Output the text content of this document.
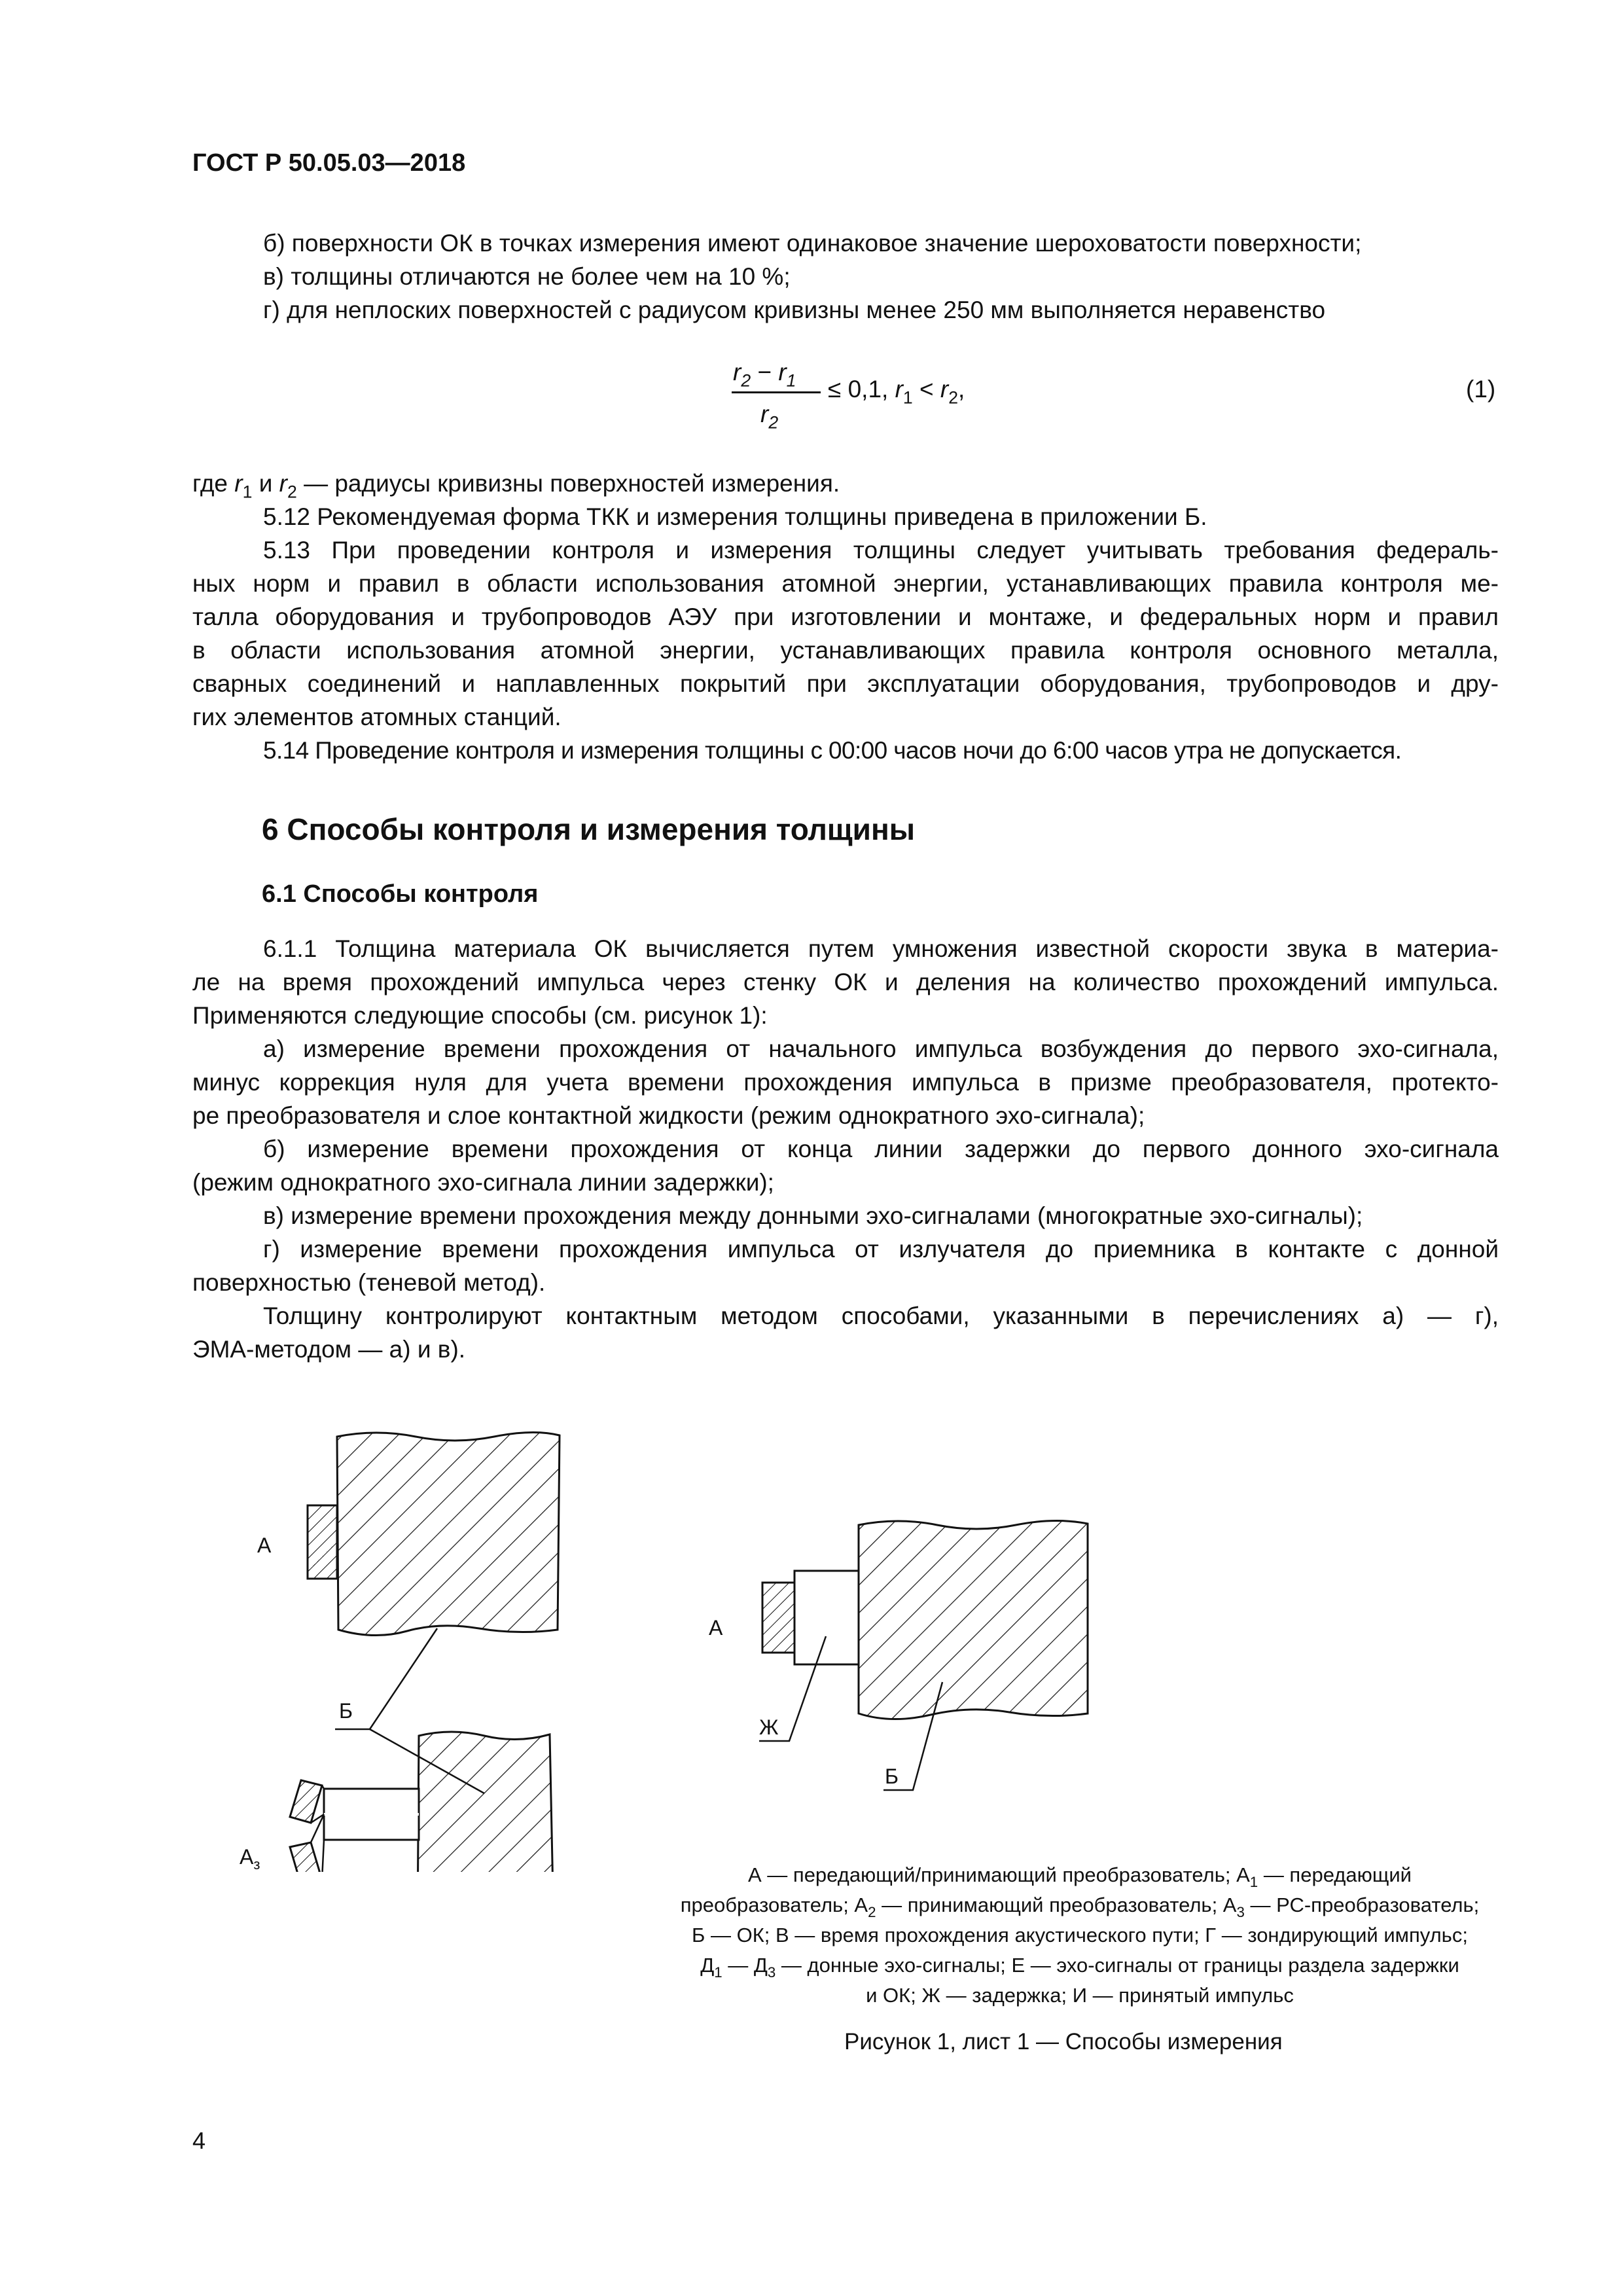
ГОСТ Р 50.05.03—2018
б) поверхности ОК в точках измерения имеют одинаковое значение шероховатости поверхности;
в) толщины отличаются не более чем на 10 %;
г) для неплоских поверхностей с радиусом кривизны менее 250 мм выполняется неравенство
$r_2 - r_1$
$r_2$
≤ 0,1, $r_1 < r_2$,	(1)
где $r_1$ и $r_2$ — радиусы кривизны поверхностей измерения.
5.12 Рекомендуемая форма ТКК и измерения толщины приведена в приложении Б.
5.13 При проведении контроля и измерения толщины следует учитывать требования федераль-
ных норм и правил в области использования атомной энергии, устанавливающих правила контроля ме-
талла оборудования и трубопроводов АЭУ при изготовлении и монтаже, и федеральных норм и правил
в области использования атомной энергии, устанавливающих правила контроля основного металла,
сварных соединений и наплавленных покрытий при эксплуатации оборудования, трубопроводов и дру-
гих элементов атомных станций.
5.14 Проведение контроля и измерения толщины с 00:00 часов ночи до 6:00 часов утра не допускается.
6 Способы контроля и измерения толщины
6.1 Способы контроля
6.1.1 Толщина материала ОК вычисляется путем умножения известной скорости звука в материа-
ле на время прохождений импульса через стенку ОК и деления на количество прохождений импульса.
Применяются следующие способы (см. рисунок 1):
а) измерение времени прохождения от начального импульса возбуждения до первого эхо-сигнала,
минус коррекция нуля для учета времени прохождения импульса в призме преобразователя, протекто-
ре преобразователя и слое контактной жидкости (режим однократного эхо-сигнала);
б) измерение времени прохождения от конца линии задержки до первого донного эхо-сигнала
(режим однократного эхо-сигнала линии задержки);
в) измерение времени прохождения между донными эхо-сигналами (многократные эхо-сигналы);
г) измерение времени прохождения импульса от излучателя до приемника в контакте с донной
поверхностью (теневой метод).
Толщину контролируют контактным методом способами, указанными в перечислениях а) — г),
ЭМА-методом — а) и в).
А
Б
$А_з$
А
Ж
Б
А — передающий/принимающий преобразователь; $А_1$ — передающий
преобразователь; $А_2$ — принимающий преобразователь; $А_3$ — РС-преобразователь;
Б — ОК; В — время прохождения акустического пути; Г — зондирующий импульс;
$Д_1$ — $Д_3$ — донные эхо-сигналы; Е — эхо-сигналы от границы раздела задержки
и ОК; Ж — задержка; И — принятый импульс
Рисунок 1, лист 1 — Способы измерения
4
